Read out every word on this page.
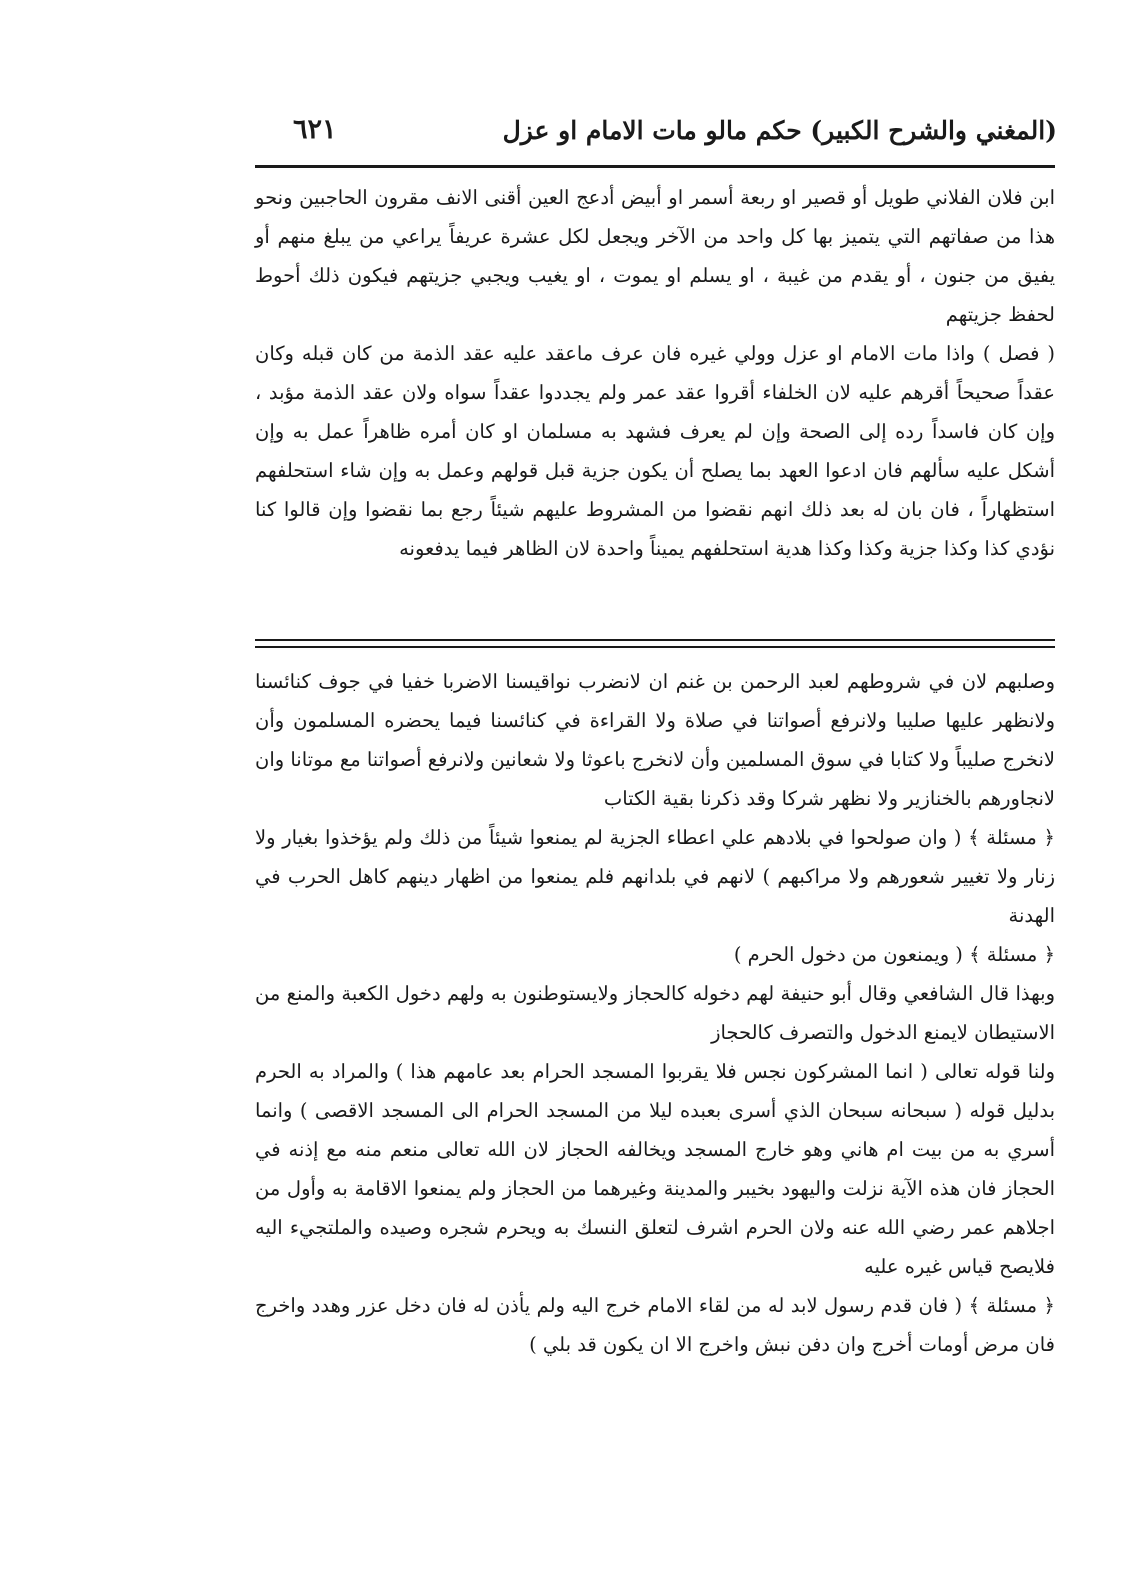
(المغني والشرح الكبير) حكم مالو مات الامام او عزل
٦٢١

ابن فلان الفلاني طويل أو قصير او ربعة أسمر او أبيض أدعج العين أقنى الانف مقرون الحاجبين ونحو هذا من صفاتهم التي يتميز بها كل واحد من الآخر ويجعل لكل عشرة عريفاً يراعي من يبلغ منهم أو يفيق من جنون ، أو يقدم من غيبة ، او يسلم او يموت ، او يغيب ويجبي جزيتهم فيكون ذلك أحوط لحفظ جزيتهم

( فصل ) واذا مات الامام او عزل وولي غيره فان عرف ماعقد عليه عقد الذمة من كان قبله وكان عقداً صحيحاً أقرهم عليه لان الخلفاء أقروا عقد عمر ولم يجددوا عقداً سواه ولان عقد الذمة مؤبد ، وإن كان فاسداً رده إلى الصحة وإن لم يعرف فشهد به مسلمان او كان أمره ظاهراً عمل به وإن أشكل عليه سألهم فان ادعوا العهد بما يصلح أن يكون جزية قبل قولهم وعمل به وإن شاء استحلفهم استظهاراً ، فان بان له بعد ذلك انهم نقضوا من المشروط عليهم شيئاً رجع بما نقضوا وإن قالوا كنا نؤدي كذا وكذا جزية وكذا وكذا هدية استحلفهم يميناً واحدة لان الظاهر فيما يدفعونه

وصلبهم لان في شروطهم لعبد الرحمن بن غنم ان لانضرب نواقيسنا الاضربا خفيا في جوف كنائسنا ولانظهر عليها صليبا ولانرفع أصواتنا في صلاة ولا القراءة في كنائسنا فيما يحضره المسلمون وأن لانخرج صليباً ولا كتابا في سوق المسلمين وأن لانخرج باعوثا ولا شعانين ولانرفع أصواتنا مع موتانا وان لانجاورهم بالخنازير ولا نظهر شركا وقد ذكرنا بقية الكتاب

﴿ مسئلة ﴾ ( وان صولحوا في بلادهم علي اعطاء الجزية لم يمنعوا شيئاً من ذلك ولم يؤخذوا بغيار ولا زنار ولا تغيير شعورهم ولا مراكبهم ) لانهم في بلدانهم فلم يمنعوا من اظهار دينهم كاهل الحرب في الهدنة

﴿ مسئلة ﴾ ( ويمنعون من دخول الحرم )

وبهذا قال الشافعي وقال أبو حنيفة لهم دخوله كالحجاز ولايستوطنون به ولهم دخول الكعبة والمنع من الاستيطان لايمنع الدخول والتصرف كالحجاز

ولنا قوله تعالى ( انما المشركون نجس فلا يقربوا المسجد الحرام بعد عامهم هذا ) والمراد به الحرم بدليل قوله ( سبحانه سبحان الذي أسرى بعبده ليلا من المسجد الحرام الى المسجد الاقصى ) وانما أسري به من بيت ام هاني وهو خارج المسجد ويخالفه الحجاز لان الله تعالى منعم منه مع إذنه في الحجاز فان هذه الآية نزلت واليهود بخيبر والمدينة وغيرهما من الحجاز ولم يمنعوا الاقامة به وأول من اجلاهم عمر رضي الله عنه ولان الحرم اشرف لتعلق النسك به ويحرم شجره وصيده والملتجيء اليه فلايصح قياس غيره عليه

﴿ مسئلة ﴾ ( فان قدم رسول لابد له من لقاء الامام خرج اليه ولم يأذن له فان دخل عزر وهدد واخرج فان مرض أومات أخرج وان دفن نبش واخرج الا ان يكون قد بلي )
